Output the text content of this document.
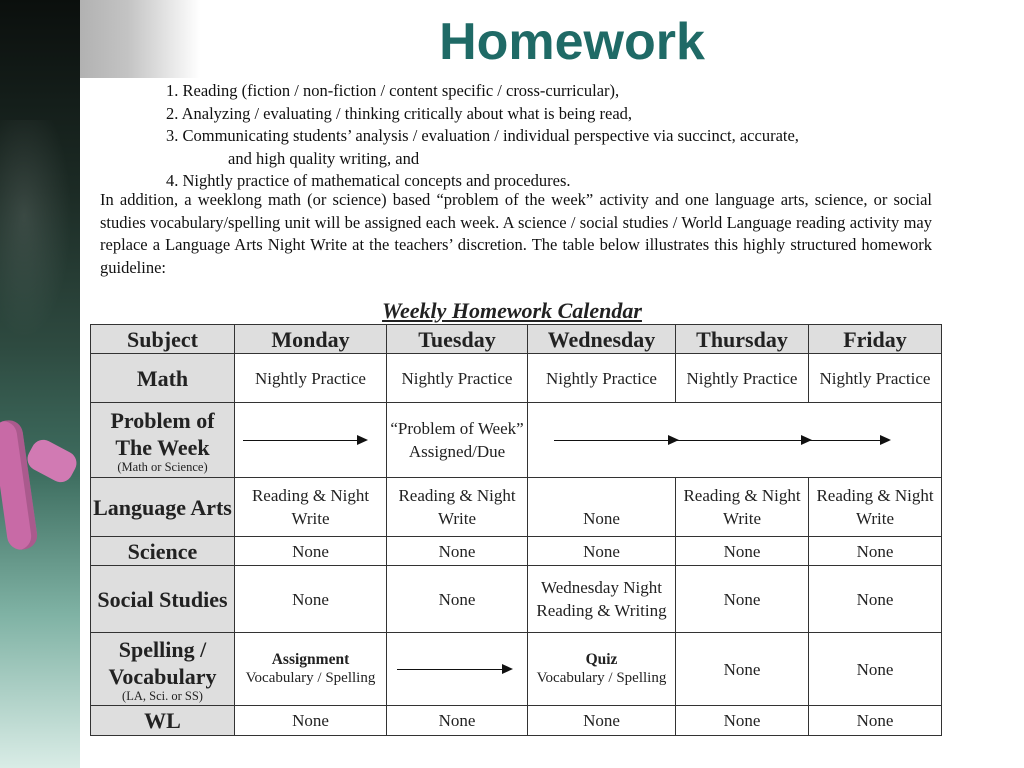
Homework
1. Reading (fiction / non-fiction / content specific / cross-curricular),
2. Analyzing / evaluating / thinking critically about what is being read,
3. Communicating students’ analysis / evaluation / individual perspective via succinct, accurate,
and high quality writing, and
4. Nightly practice of mathematical concepts and procedures.
In addition, a weeklong math (or science) based “problem of the week” activity and one language arts, science, or social studies vocabulary/spelling unit will be assigned each week. A science / social studies / World Language reading activity may replace a Language Arts Night Write at the teachers’ discretion. The table below illustrates this highly structured homework guideline:
Weekly Homework Calendar
Subject	Monday	Tuesday	Wednesday	Thursday	Friday
Math	Nightly Practice	Nightly Practice	Nightly Practice	Nightly Practice	Nightly Practice
Problem of
The Week
(Math or Science)		“Problem of Week” Assigned/Due	

Language Arts	Reading & Night Write	Reading & Night Write	None	Reading & Night Write	Reading & Night Write
Science	None	None	None	None	None
Social Studies	None	None	Wednesday Night Reading & Writing	None	None
Spelling /
Vocabulary
(LA, Sci. or SS)	Assignment
Vocabulary / Spelling		Quiz
Vocabulary / Spelling	None	None
WL	None	None	None	None	None
